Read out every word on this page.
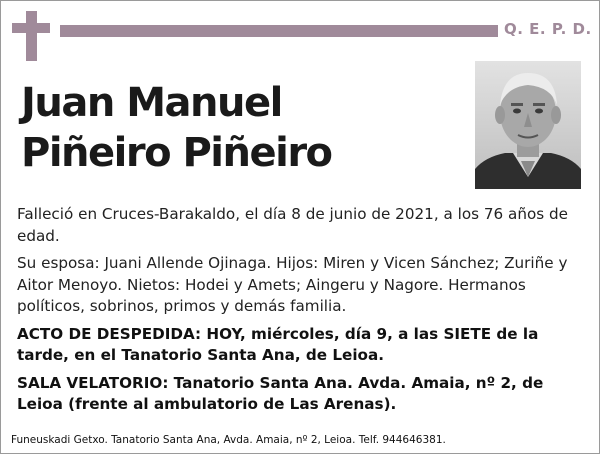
Q. E. P. D.
Juan Manuel
Piñeiro Piñeiro

Falleció en Cruces-Barakaldo, el día 8 de junio de 2021, a los 76 años de edad.

Su esposa: Juani Allende Ojinaga. Hijos: Miren y Vicen Sánchez; Zuriñe y Aitor Menoyo. Nietos: Hodei y Amets; Aingeru y Nagore. Hermanos políticos, sobrinos, primos y demás familia.

ACTO DE DESPEDIDA: HOY, miércoles, día 9, a las SIETE de la tarde, en el Tanatorio Santa Ana, de Leioa.

SALA VELATORIO: Tanatorio Santa Ana. Avda. Amaia, nº 2, de Leioa (frente al ambulatorio de Las Arenas).

Funeuskadi Getxo. Tanatorio Santa Ana, Avda. Amaia, nº 2, Leioa. Telf. 944646381.
